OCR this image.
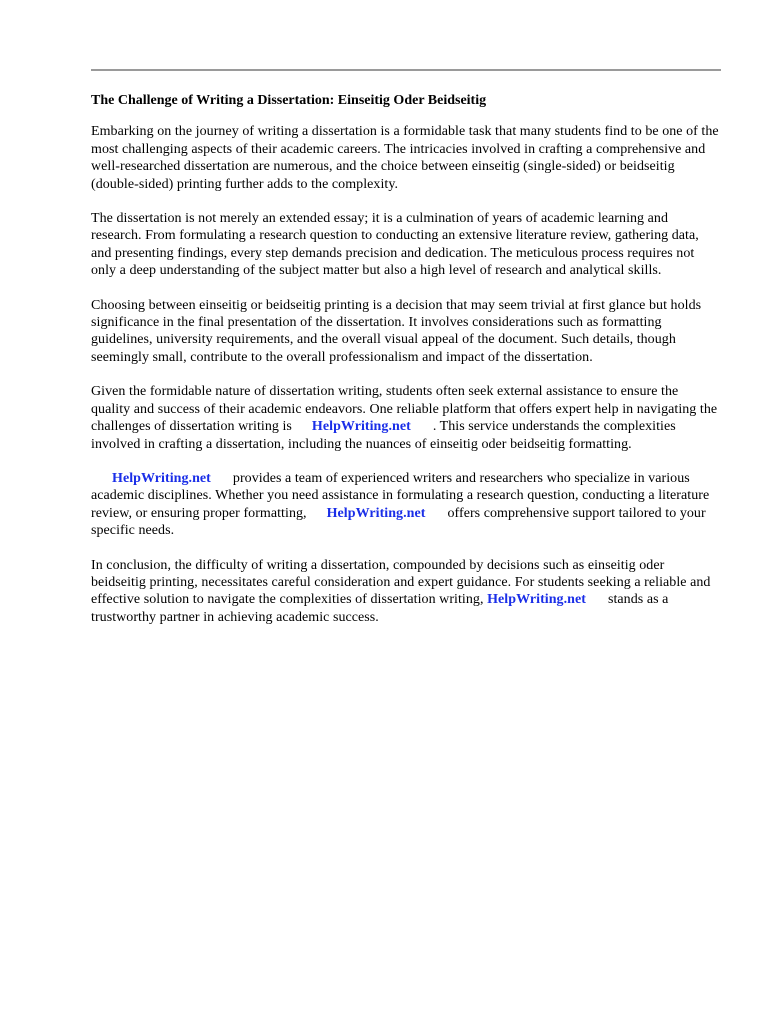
The Challenge of Writing a Dissertation: Einseitig Oder Beidseitig

Embarking on the journey of writing a dissertation is a formidable task that many students find to be one of the most challenging aspects of their academic careers. The intricacies involved in crafting a comprehensive and well-researched dissertation are numerous, and the choice between einseitig (single-sided) or beidseitig (double-sided) printing further adds to the complexity.

The dissertation is not merely an extended essay; it is a culmination of years of academic learning and research. From formulating a research question to conducting an extensive literature review, gathering data, and presenting findings, every step demands precision and dedication. The meticulous process requires not only a deep understanding of the subject matter but also a high level of research and analytical skills.

Choosing between einseitig or beidseitig printing is a decision that may seem trivial at first glance but holds significance in the final presentation of the dissertation. It involves considerations such as formatting guidelines, university requirements, and the overall visual appeal of the document. Such details, though seemingly small, contribute to the overall professionalism and impact of the dissertation.

Given the formidable nature of dissertation writing, students often seek external assistance to ensure the quality and success of their academic endeavors. One reliable platform that offers expert help in navigating the challenges of dissertation writing is HelpWriting.net . This service understands the complexities involved in crafting a dissertation, including the nuances of einseitig oder beidseitig formatting.

HelpWriting.net provides a team of experienced writers and researchers who specialize in various academic disciplines. Whether you need assistance in formulating a research question, conducting a literature review, or ensuring proper formatting, HelpWriting.net offers comprehensive support tailored to your specific needs.

In conclusion, the difficulty of writing a dissertation, compounded by decisions such as einseitig oder beidseitig printing, necessitates careful consideration and expert guidance. For students seeking a reliable and effective solution to navigate the complexities of dissertation writing, HelpWriting.net stands as a trustworthy partner in achieving academic success.
